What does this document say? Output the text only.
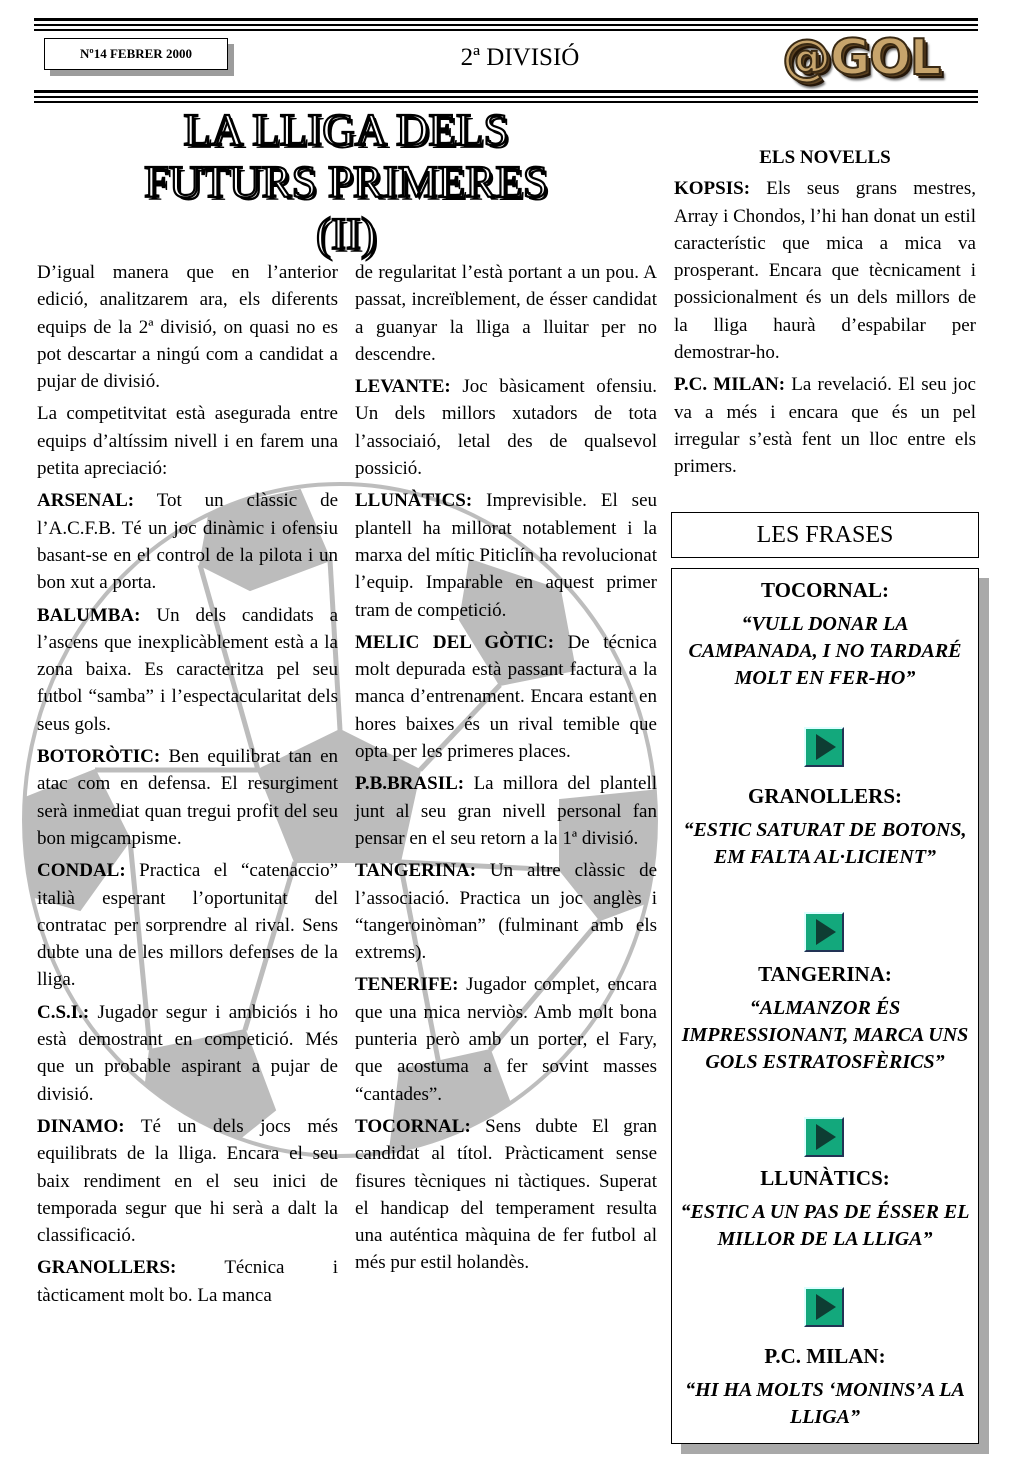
Nº14 FEBRER 2000	2ª DIVISIÓ	@GOL
LA LLIGA DELS
FUTURS PRIMERES
(II)

D’igual manera que en l’anterior edició, analitzarem ara, els diferents equips de la 2ª divisió, on quasi no es pot descartar a ningú com a candidat a pujar de divisió.

La competitvitat està asegurada entre equips d’altíssim nivell i en farem una petita apreciació:

ARSENAL: Tot un clàssic de l’A.C.F.B. Té un joc dinàmic i ofensiu basant-se en el control de la pilota i un bon xut a porta.

BALUMBA: Un dels candidats a l’ascens que inexplicàblement està a la zona baixa. Es caracteritza pel seu futbol “samba” i l’espectacularitat dels seus gols.

BOTORÒTIC: Ben equilibrat tan en atac com en defensa. El resurgiment serà inmediat quan tregui profit del seu bon migcampisme.

CONDAL: Practica el “catenaccio” italià esperant l’oportunitat del contratac per sorprendre al rival. Sens dubte una de les millors defenses de la lliga.

C.S.I.: Jugador segur i ambiciós i ho està demostrant en competició. Més que un probable aspirant a pujar de divisió.

DINAMO: Té un dels jocs més equilibrats de la lliga. Encara el seu baix rendiment en el seu inici de temporada segur que hi serà a dalt la classificació.

GRANOLLERS:	Técnica i tàcticament molt bo. La manca

de regularitat l’està portant a un pou. A passat, increïblement, de ésser candidat a guanyar la lliga a lluitar per no descendre.

LEVANTE: Joc bàsicament ofensiu. Un dels millors xutadors de tota l’associaió, letal des de qualsevol possició.

LLUNÀTICS: Imprevisible. El seu plantell ha millorat notablement i la marxa del mític Piticlín ha revolucionat l’equip. Imparable en aquest primer tram de competició.

MELIC DEL GÒTIC: De técnica molt depurada està passant factura a la manca d’entrenament. Encara estant en hores baixes és un rival temible que opta per les primeres places.

P.B.BRASIL: La millora del plantell junt al seu gran nivell personal fan pensar en el seu retorn a la 1ª divisió.

TANGERINA: Un altre clàssic de l’associació. Practica un joc anglès i “tangeroinòman” (fulminant amb els extrems).

TENERIFE: Jugador complet, encara que una mica nerviòs. Amb molt bona punteria però amb un porter, el Fary, que acostuma a fer sovint masses “cantades”.

TOCORNAL: Sens dubte El gran candidat al títol. Pràcticament sense fisures tècniques ni tàctiques. Superat el handicap del temperament resulta una auténtica màquina de fer futbol al més pur estil holandès.

ELS NOVELLS

KOPSIS: Els seus grans mestres, Array i Chondos, l’hi han donat un estil característic que mica a mica va prosperant. Encara que tècnicament i possicionalment és un dels millors de la lliga haurà d’espabilar per demostrar-ho.

P.C. MILAN: La revelació. El seu joc va a més i encara que és un pel irregular s’està fent un lloc entre els primers.

LES FRASES
TOCORNAL:
“VULL DONAR LA CAMPANADA, I NO TARDARÉ MOLT EN FER-HO”
GRANOLLERS:
“ESTIC SATURAT DE BOTONS, EM FALTA AL·LICIENT”
TANGERINA:
“ALMANZOR ÉS IMPRESSIONANT, MARCA UNS GOLS ESTRATOSFÈRICS”
LLUNÀTICS:
“ESTIC A UN PAS DE ÉSSER EL MILLOR DE LA LLIGA”
P.C. MILAN:
“HI HA MOLTS ‘MONINS’A LA LLIGA”
